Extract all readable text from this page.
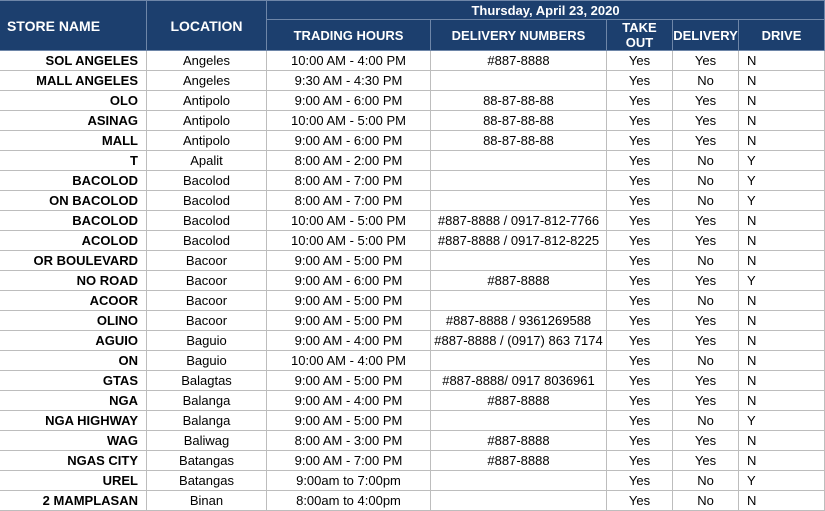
STORE NAME	LOCATION	Thursday, April 23, 2020				
		TRADING HOURS	DELIVERY NUMBERS	TAKE OUT	DELIVERY	DRIVE
SOL ANGELES	Angeles	10:00 AM - 4:00 PM	#887-8888	Yes	Yes	N
MALL ANGELES	Angeles	9:30 AM - 4:30 PM		Yes	No	N
OLO	Antipolo	9:00 AM - 6:00 PM	88-87-88-88	Yes	Yes	N
ASINAG	Antipolo	10:00 AM - 5:00 PM	88-87-88-88	Yes	Yes	N
MALL	Antipolo	9:00 AM - 6:00 PM	88-87-88-88	Yes	Yes	N
T	Apalit	8:00 AM - 2:00 PM		Yes	No	Y
BACOLOD	Bacolod	8:00 AM - 7:00 PM		Yes	No	Y
ON BACOLOD	Bacolod	8:00 AM - 7:00 PM		Yes	No	Y
BACOLOD	Bacolod	10:00 AM - 5:00 PM	#887-8888 / 0917-812-7766	Yes	Yes	N
ACOLOD	Bacolod	10:00 AM - 5:00 PM	#887-8888 / 0917-812-8225	Yes	Yes	N
OR BOULEVARD	Bacoor	9:00 AM - 5:00 PM		Yes	No	N
NO ROAD	Bacoor	9:00 AM - 6:00 PM	#887-8888	Yes	Yes	Y
ACOOR	Bacoor	9:00 AM - 5:00 PM		Yes	No	N
OLINO	Bacoor	9:00 AM - 5:00 PM	#887-8888 / 9361269588	Yes	Yes	N
AGUIO	Baguio	9:00 AM - 4:00 PM	#887-8888 / (0917) 863 7174	Yes	Yes	N
ON	Baguio	10:00 AM - 4:00 PM		Yes	No	N
GTAS	Balagtas	9:00 AM - 5:00 PM	#887-8888/ 0917 8036961	Yes	Yes	N
NGA	Balanga	9:00 AM - 4:00 PM	#887-8888	Yes	Yes	N
NGA HIGHWAY	Balanga	9:00 AM - 5:00 PM		Yes	No	Y
WAG	Baliwag	8:00 AM - 3:00 PM	#887-8888	Yes	Yes	N
NGAS CITY	Batangas	9:00 AM - 7:00 PM	#887-8888	Yes	Yes	N
UREL	Batangas	9:00am to 7:00pm		Yes	No	Y
2 MAMPLASAN	Binan	8:00am to 4:00pm		Yes	No	N
